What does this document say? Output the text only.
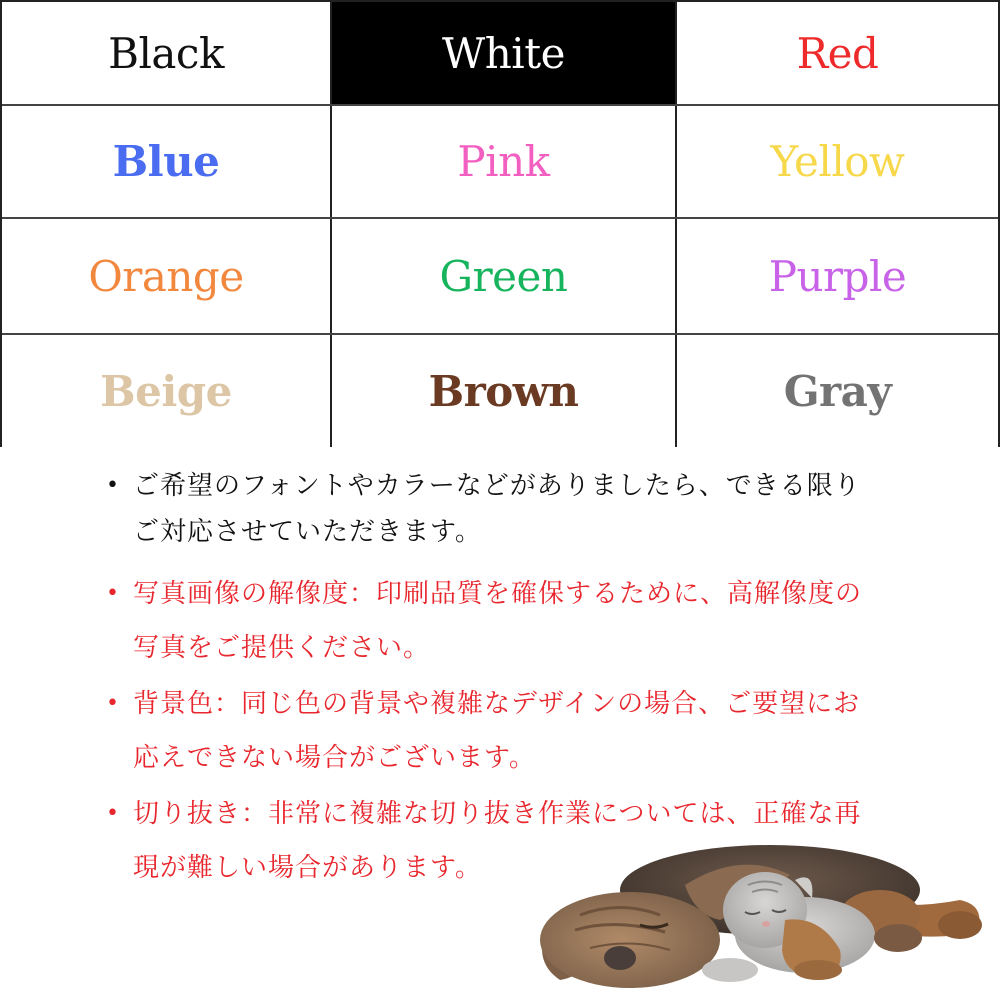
Black	White	Red
Blue	Pink	Yellow
Orange	Green	Purple
Beige	Brown	Gray
• ご希望のフォントやカラーなどがありましたら、できる限り
ご対応させていただきます。
• 写真画像の解像度：印刷品質を確保するために、高解像度の
写真をご提供ください。
• 背景色：同じ色の背景や複雑なデザインの場合、ご要望にお
応えできない場合がございます。
• 切り抜き：非常に複雑な切り抜き作業については、正確な再
現が難しい場合があります。
